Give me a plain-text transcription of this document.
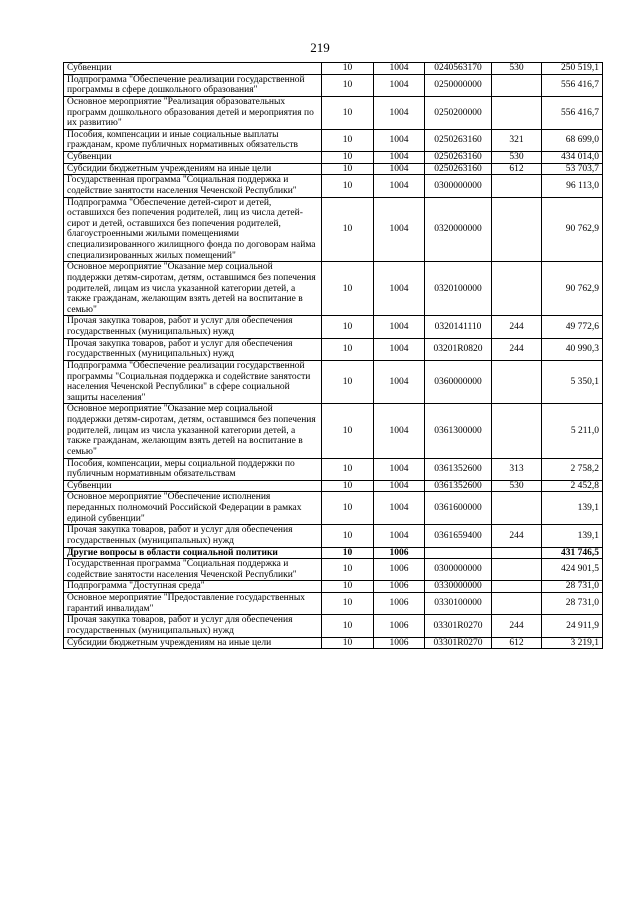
219
Субвенции	10	1004	0240563170	530	250 519,1
Подпрограмма "Обеспечение реализации государственной программы в сфере дошкольного образования"	10	1004	0250000000		556 416,7
Основное мероприятие "Реализация образовательных программ дошкольного образования детей и мероприятия по их развитию"	10	1004	0250200000		556 416,7
Пособия, компенсации и иные социальные выплаты гражданам, кроме публичных нормативных обязательств	10	1004	0250263160	321	68 699,0
Субвенции	10	1004	0250263160	530	434 014,0
Субсидии бюджетным учреждениям на иные цели	10	1004	0250263160	612	53 703,7
Государственная программа "Социальная поддержка и содействие занятости населения Чеченской Республики"	10	1004	0300000000		96 113,0
Подпрограмма "Обеспечение детей-сирот и детей, оставшихся без попечения родителей, лиц из числа детей-сирот и детей, оставшихся без попечения родителей, благоустроенными жилыми помещениями специализированного жилищного фонда по договорам найма специализированных жилых помещений"	10	1004	0320000000		90 762,9
Основное мероприятие "Оказание мер социальной поддержки детям-сиротам, детям, оставшимся без попечения родителей, лицам из числа указанной категории детей, а также гражданам, желающим взять детей на воспитание в семью"	10	1004	0320100000		90 762,9
Прочая закупка товаров, работ и услуг для обеспечения государственных (муниципальных) нужд	10	1004	0320141110	244	49 772,6
Прочая закупка товаров, работ и услуг для обеспечения государственных (муниципальных) нужд	10	1004	03201R0820	244	40 990,3
Подпрограмма "Обеспечение реализации государственной программы "Социальная поддержка и содействие занятости населения Чеченской Республики" в сфере социальной защиты населения"	10	1004	0360000000		5 350,1
Основное мероприятие "Оказание мер социальной поддержки детям-сиротам, детям, оставшимся без попечения родителей, лицам из числа указанной категории детей, а также гражданам, желающим взять детей на воспитание в семью"	10	1004	0361300000		5 211,0
Пособия, компенсации, меры социальной поддержки по публичным нормативным обязательствам	10	1004	0361352600	313	2 758,2
Субвенции	10	1004	0361352600	530	2 452,8
Основное мероприятие "Обеспечение исполнения переданных полномочий Российской Федерации в рамках единой субвенции"	10	1004	0361600000		139,1
Прочая закупка товаров, работ и услуг для обеспечения государственных (муниципальных) нужд	10	1004	0361659400	244	139,1
Другие вопросы в области социальной политики	10	1006			431 746,5
Государственная программа "Социальная поддержка и содействие занятости населения Чеченской Республики"	10	1006	0300000000		424 901,5
Подпрограмма "Доступная среда"	10	1006	0330000000		28 731,0
Основное мероприятие "Предоставление государственных гарантий инвалидам"	10	1006	0330100000		28 731,0
Прочая закупка товаров, работ и услуг для обеспечения государственных (муниципальных) нужд	10	1006	03301R0270	244	24 911,9
Субсидии бюджетным учреждениям на иные цели	10	1006	03301R0270	612	3 219,1
